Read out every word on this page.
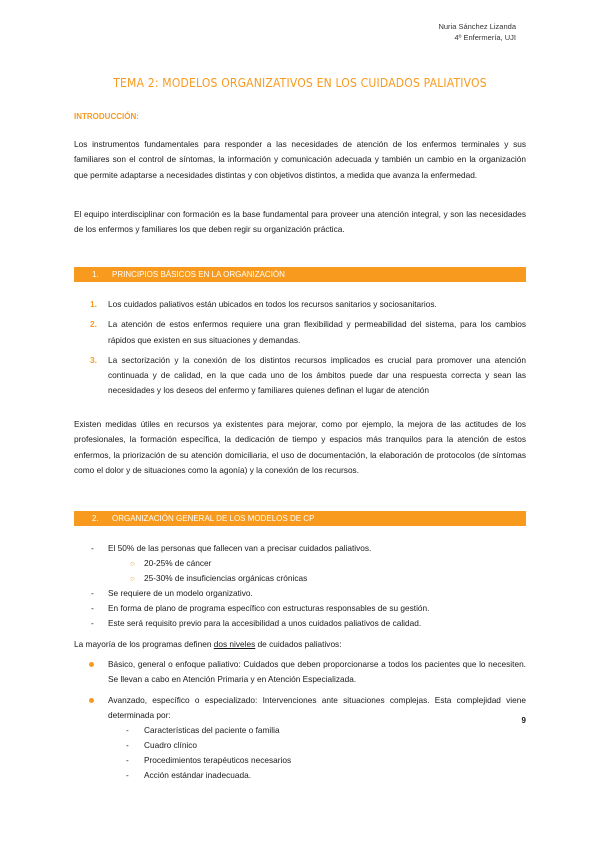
Nuria Sánchez Lizanda
4º Enfermería, UJI
TEMA 2: MODELOS ORGANIZATIVOS EN LOS CUIDADOS PALIATIVOS
INTRODUCCIÓN:
Los instrumentos fundamentales para responder a las necesidades de atención de los enfermos terminales y sus familiares son el control de síntomas, la información y comunicación adecuada y también un cambio en la organización que permite adaptarse a necesidades distintas y con objetivos distintos, a medida que avanza la enfermedad.
El equipo interdisciplinar con formación es la base fundamental para proveer una atención integral, y son las necesidades de los enfermos y familiares los que deben regir su organización práctica.
1. PRINCIPIOS BÁSICOS EN LA ORGANIZACIÓN
1. Los cuidados paliativos están ubicados en todos los recursos sanitarios y sociosanitarios.
2. La atención de estos enfermos requiere una gran flexibilidad y permeabilidad del sistema, para los cambios rápidos que existen en sus situaciones y demandas.
3. La sectorización y la conexión de los distintos recursos implicados es crucial para promover una atención continuada y de calidad, en la que cada uno de los ámbitos puede dar una respuesta correcta y sean las necesidades y los deseos del enfermo y familiares quienes definan el lugar de atención
Existen medidas útiles en recursos ya existentes para mejorar, como por ejemplo, la mejora de las actitudes de los profesionales, la formación específica, la dedicación de tiempo y espacios más tranquilos para la atención de estos enfermos, la priorización de su atención domiciliaria, el uso de documentación, la elaboración de protocolos (de síntomas como el dolor y de situaciones como la agonía) y la conexión de los recursos.
2. ORGANIZACIÓN GENERAL DE LOS MODELOS DE CP
- El 50% de las personas que fallecen van a precisar cuidados paliativos.
○ 20-25% de cáncer
○ 25-30% de insuficiencias orgánicas crónicas
- Se requiere de un modelo organizativo.
- En forma de plano de programa específico con estructuras responsables de su gestión.
- Este será requisito previo para la accesibilidad a unos cuidados paliativos de calidad.
La mayoría de los programas definen dos niveles de cuidados paliativos:
Básico, general o enfoque paliativo: Cuidados que deben proporcionarse a todos los pacientes que lo necesiten. Se llevan a cabo en Atención Primaria y en Atención Especializada.
Avanzado, específico o especializado: Intervenciones ante situaciones complejas. Esta complejidad viene determinada por:
- Características del paciente o familia
- Cuadro clínico
- Procedimientos terapéuticos necesarios
- Acción estándar inadecuada.
9
